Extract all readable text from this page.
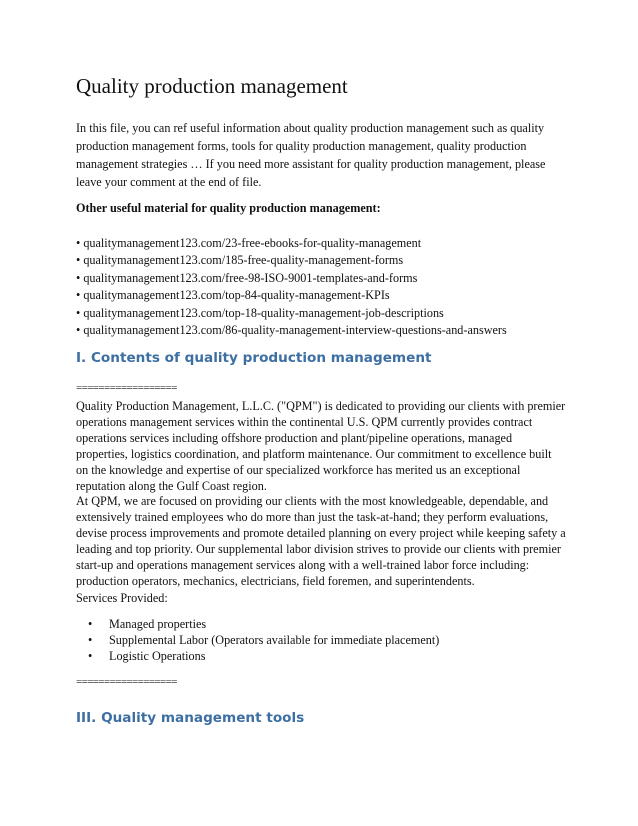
Quality production management

In this file, you can ref useful information about quality production management such as quality production management forms, tools for quality production management, quality production management strategies … If you need more assistant for quality production management, please leave your comment at the end of file.

Other useful material for quality production management:

• qualitymanagement123.com/23-free-ebooks-for-quality-management
• qualitymanagement123.com/185-free-quality-management-forms
• qualitymanagement123.com/free-98-ISO-9001-templates-and-forms
• qualitymanagement123.com/top-84-quality-management-KPIs
• qualitymanagement123.com/top-18-quality-management-job-descriptions
• qualitymanagement123.com/86-quality-management-interview-questions-and-answers
I. Contents of quality production management
==================

Quality Production Management, L.L.C. ("QPM") is dedicated to providing our clients with premier operations management services within the continental U.S. QPM currently provides contract operations services including offshore production and plant/pipeline operations, managed properties, logistics coordination, and platform maintenance. Our commitment to excellence built on the knowledge and expertise of our specialized workforce has merited us an exceptional reputation along the Gulf Coast region.

At QPM, we are focused on providing our clients with the most knowledgeable, dependable, and extensively trained employees who do more than just the task-at-hand; they perform evaluations, devise process improvements and promote detailed planning on every project while keeping safety a leading and top priority. Our supplemental labor division strives to provide our clients with premier start-up and operations management services along with a well-trained labor force including: production operators, mechanics, electricians, field foremen, and superintendents.

Services Provided:

• Managed properties
• Supplemental Labor (Operators available for immediate placement)
• Logistic Operations
==================
III. Quality management tools
